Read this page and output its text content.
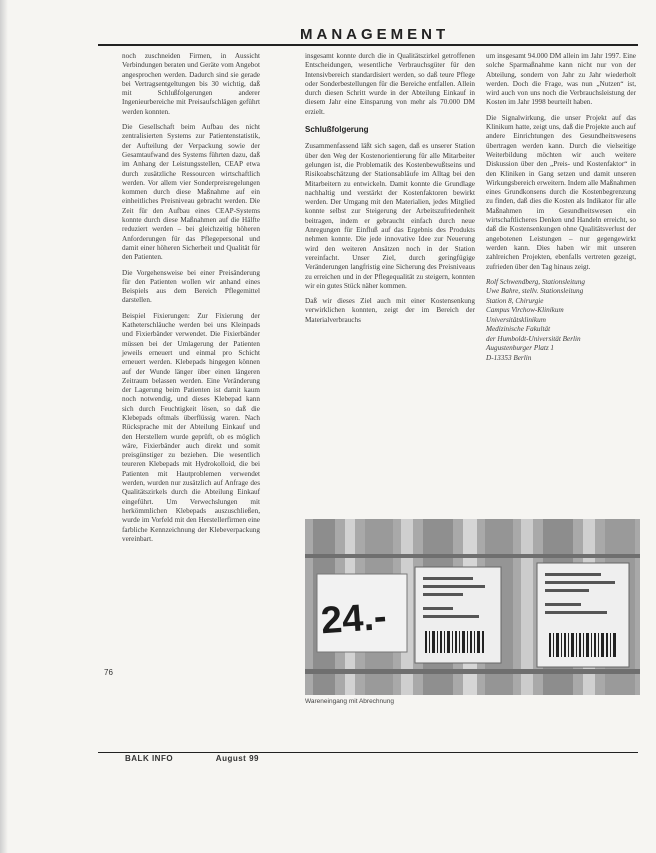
MANAGEMENT

noch zuschneiden Firmen, in Aussicht Verbindungen beraten und Geräte vom Angebot angesprochen werden. Dadurch sind sie gerade bei Vertragsentgeltungen bis 30 wichtig, daß mit Schlußfolgerungen anderer Ingenieurbereiche mit Preisaufschlägen geführt werden konnten.

Die Gesellschaft beim Aufbau des nicht zentralisierten Systems zur Patientenstatistik, der Aufteilung der Verpackung sowie der Gesamtaufwand des Systems führten dazu, daß im Anhang der Leistungsstellen, CEAP etwa durch zusätzliche Ressourcen wirtschaftlich werden. Vor allem vier Sonderpreisregelungen kommen durch diese Maßnahme auf ein einheitliches Preisniveau gebracht werden. Die Zeit für den Aufbau eines CEAP-Systems konnte durch diese Maßnahmen auf die Hälfte reduziert werden – bei gleichzeitig höheren Anforderungen für das Pflegepersonal und damit einer höheren Sicherheit und Qualität für den Patienten.

Die Vorgehensweise bei einer Preisänderung für den Patienten wollen wir anhand eines Beispiels aus dem Bereich Pflegemittel darstellen.

Beispiel Fixierungen: Zur Fixierung der Katheterschläuche werden bei uns Kleinpads und Fixierbänder verwendet. Die Fixierbänder müssen bei der Umlagerung der Patienten jeweils erneuert und einmal pro Schicht erneuert werden. Klebepads hingegen können auf der Wunde länger über einen längeren Zeitraum belassen werden. Eine Veränderung der Lagerung beim Patienten ist damit kaum noch notwendig, und dieses Klebepad kann sich durch Feuchtigkeit lösen, so daß die Klebepads oftmals überflüssig waren. Nach Rücksprache mit der Abteilung Einkauf und den Herstellern wurde geprüft, ob es möglich wäre, Fixierbänder auch direkt und somit preisgünstiger zu beziehen. Die wesentlich teureren Klebepads mit Hydrokolloid, die bei Patienten mit Hautproblemen verwendet werden, wurden nur zusätzlich auf Anfrage des Qualitätszirkels durch die Abteilung Einkauf eingeführt. Um Verwechslungen mit herkömmlichen Klebepads auszuschließen, wurde im Vorfeld mit den Herstellerfirmen eine farbliche Kennzeichnung der Klebeverpackung vereinbart.

insgesamt konnte durch die in Qualitätszirkel getroffenen Entscheidungen, wesentliche Verbrauchsgüter für den Intensivbereich standardisiert werden, so daß teure Pflege oder Sonderbestellungen für die Bereiche entfallen. Allein durch diesen Schritt wurde in der Abteilung Einkauf in diesem Jahr eine Einsparung von mehr als 70.000 DM erzielt.

Schlußfolgerung

Zusammenfassend läßt sich sagen, daß es unserer Station über den Weg der Kostenorientierung für alle Mitarbeiter gelungen ist, die Problematik des Kostenbewußtseins und Risikoabschätzung der Stationsabläufe im Alltag bei den Mitarbeitern zu entwickeln. Damit konnte die Grundlage nachhaltig und verstärkt der Kostenfaktoren bewirkt werden. Der Umgang mit den Materialien, jedes Mitglied konnte selbst zur Steigerung der Arbeitszufriedenheit beitragen, indem er gebraucht einfach durch neue Anregungen für Einfluß auf das Ergebnis des Produkts nehmen konnte. Die jede innovative Idee zur Neuerung wird den weiteren Ansätzen noch in der Station vereinfacht. Unser Ziel, durch geringfügige Veränderungen langfristig eine Sicherung des Preisniveaus zu erreichen und in der Pflegequalität zu steigern, konnten wir ein gutes Stück näher kommen.

Daß wir dieses Ziel auch mit einer Kostensenkung verwirklichen konnten, zeigt der im Bereich der Materialverbrauchs

um insgesamt 94.000 DM allein im Jahr 1997. Eine solche Sparmaßnahme kann nicht nur von der Abteilung, sondern von Jahr zu Jahr wiederholt werden. Doch die Frage, was nun „Nutzen“ ist, wird auch von uns noch die Verbrauchsleistung der Kosten im Jahr 1998 beurteilt haben.

Die Signalwirkung, die unser Projekt auf das Klinikum hatte, zeigt uns, daß die Projekte auch auf andere Einrichtungen des Gesundheitswesens übertragen werden kann. Durch die vielseitige Weiterbildung möchten wir auch weitere Diskussion über den „Preis- und Kostenfaktor“ in den Kliniken in Gang setzen und damit unseren Wirkungsbereich erweitern. Indem alle Maßnahmen eines Grundkonsens durch die Kostenbegrenzung zu finden, daß dies die Kosten als Indikator für alle Maßnahmen im Gesundheitswesen ein wirtschaftlicheres Denken und Handeln erreicht, so daß die Kostensenkungen ohne Qualitätsverlust der angebotenen Leistungen – nur gegengewirkt werden kann. Dies haben wir mit unseren zahlreichen Projekten, ebenfalls vertreten gezeigt, zufrieden über den Tag hinaus zeigt.

Rolf Schwendberg, Stationsleitung
Uwe Bahre, stellv. Stationsleitung
Station 8, Chirurgie
Campus Virchow-Klinikum
Universitätsklinikum
Medizinische Fakultät
der Humboldt-Universität Berlin
Augustenburger Platz 1
D-13353 Berlin
76
24.-
Wareneingang mit Abrechnung
BALK INFO	August 99
